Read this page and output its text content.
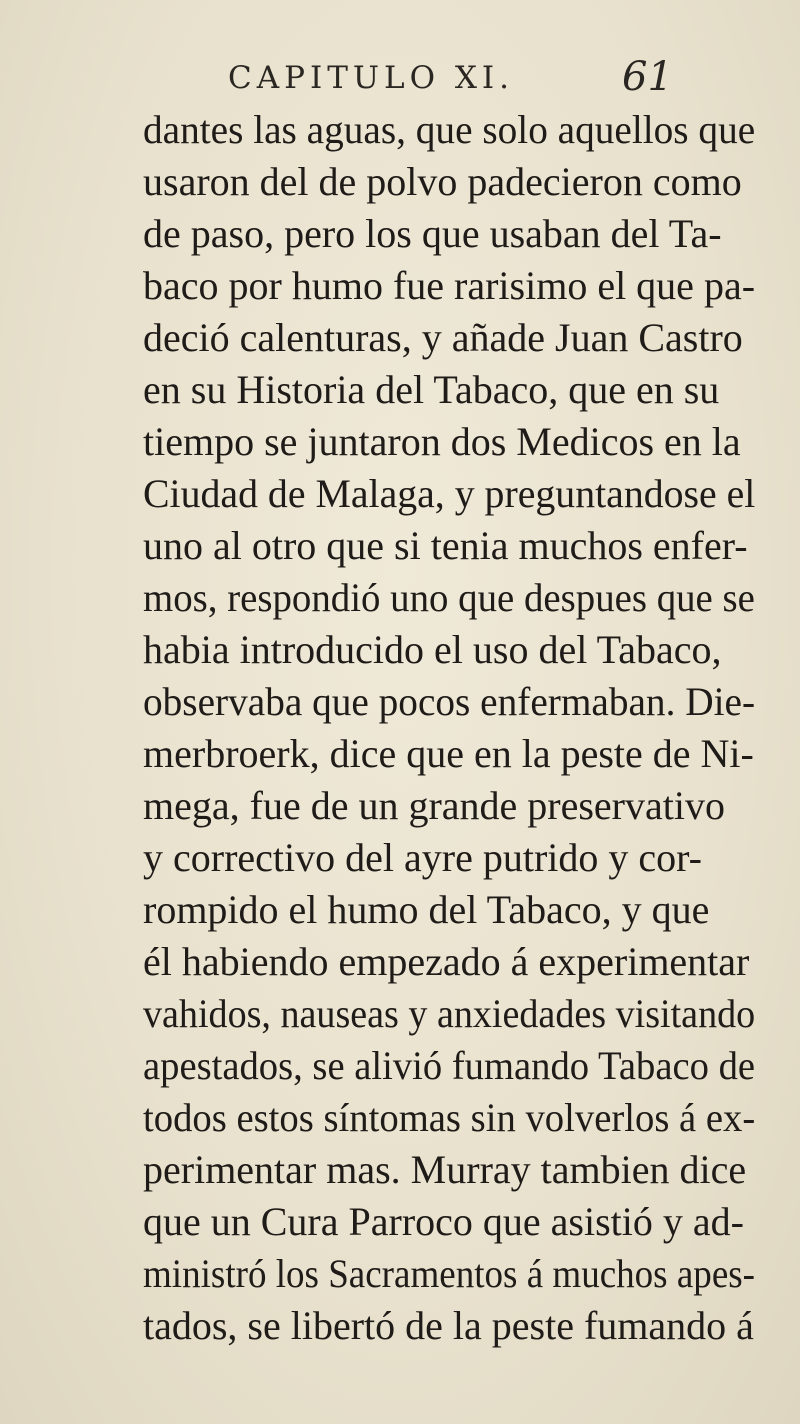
CAPITULO XI.	61
dantes las aguas, que solo aquellos que
usaron del de polvo padecieron como
de paso, pero los que usaban del Ta-
baco por humo fue rarisimo el que pa-
deció calenturas, y añade Juan Castro
en su Historia del Tabaco, que en su
tiempo se juntaron dos Medicos en la
Ciudad de Malaga, y preguntandose el
uno al otro que si tenia muchos enfer-
mos, respondió uno que despues que se
habia introducido el uso del Tabaco,
observaba que pocos enfermaban. Die-
merbroerk, dice que en la peste de Ni-
mega, fue de un grande preservativo
y correctivo del ayre putrido y cor-
rompido el humo del Tabaco, y que
él habiendo empezado á experimentar
vahidos, nauseas y anxiedades visitando
apestados, se alivió fumando Tabaco de
todos estos síntomas sin volverlos á ex-
perimentar mas. Murray tambien dice
que un Cura Parroco que asistió y ad-
ministró los Sacramentos á muchos apes-
tados, se libertó de la peste fumando á
